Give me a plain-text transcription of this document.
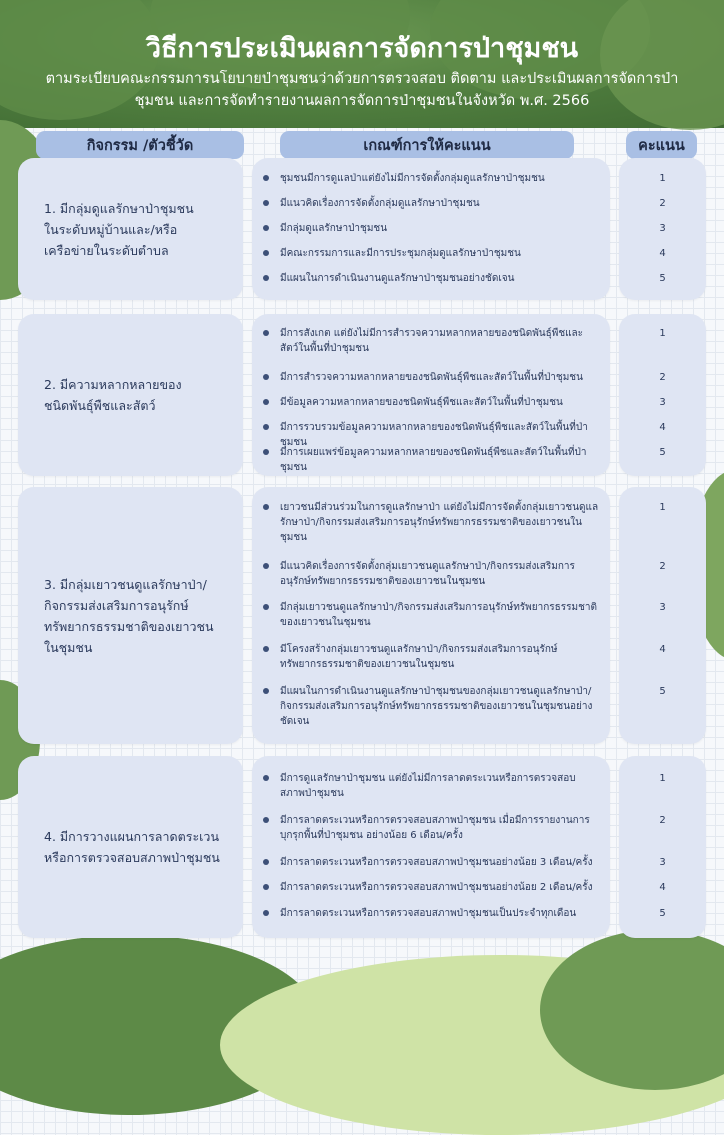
วิธีการประเมินผลการจัดการป่าชุมชน

ตามระเบียบคณะกรรมการนโยบายป่าชุมชนว่าด้วยการตรวจสอบ ติดตาม และประเมินผลการจัดการป่าชุมชน และการจัดทำรายงานผลการจัดการป่าชุมชนในจังหวัด พ.ศ. 2566

กิจกรรม /ตัวชี้วัด	เกณฑ์การให้คะแนน	คะแนน
1. มีกลุ่มดูแลรักษาป่าชุมชน
ในระดับหมู่บ้านและ/หรือ
เครือข่ายในระดับตำบล
ชุมชนมีการดูแลป่าแต่ยังไม่มีการจัดตั้งกลุ่มดูแลรักษาป่าชุมชน
มีแนวคิดเรื่องการจัดตั้งกลุ่มดูแลรักษาป่าชุมชน
มีกลุ่มดูแลรักษาป่าชุมชน
มีคณะกรรมการและมีการประชุมกลุ่มดูแลรักษาป่าชุมชน
มีแผนในการดำเนินงานดูแลรักษาป่าชุมชนอย่างชัดเจน
1
2
3
4
5
2. มีความหลากหลายของ
ชนิดพันธุ์พืชและสัตว์
มีการสังเกต แต่ยังไม่มีการสำรวจความหลากหลายของชนิดพันธุ์พืชและสัตว์ในพื้นที่ป่าชุมชน
มีการสำรวจความหลากหลายของชนิดพันธุ์พืชและสัตว์ในพื้นที่ป่าชุมชน
มีข้อมูลความหลากหลายของชนิดพันธุ์พืชและสัตว์ในพื้นที่ป่าชุมชน
มีการรวบรวมข้อมูลความหลากหลายของชนิดพันธุ์พืชและสัตว์ในพื้นที่ป่าชุมชน
มีการเผยแพร่ข้อมูลความหลากหลายของชนิดพันธุ์พืชและสัตว์ในพื้นที่ป่าชุมชน
1
2
3
4
5
3. มีกลุ่มเยาวชนดูแลรักษาป่า/
กิจกรรมส่งเสริมการอนุรักษ์
ทรัพยากรธรรมชาติของเยาวชน
ในชุมชน
เยาวชนมีส่วนร่วมในการดูแลรักษาป่า แต่ยังไม่มีการจัดตั้งกลุ่มเยาวชนดูแลรักษาป่า/กิจกรรมส่งเสริมการอนุรักษ์ทรัพยากรธรรมชาติของเยาวชนในชุมชน
มีแนวคิดเรื่องการจัดตั้งกลุ่มเยาวชนดูแลรักษาป่า/กิจกรรมส่งเสริมการอนุรักษ์ทรัพยากรธรรมชาติของเยาวชนในชุมชน
มีกลุ่มเยาวชนดูแลรักษาป่า/กิจกรรมส่งเสริมการอนุรักษ์ทรัพยากรธรรมชาติของเยาวชนในชุมชน
มีโครงสร้างกลุ่มเยาวชนดูแลรักษาป่า/กิจกรรมส่งเสริมการอนุรักษ์ทรัพยากรธรรมชาติของเยาวชนในชุมชน
มีแผนในการดำเนินงานดูแลรักษาป่าชุมชนของกลุ่มเยาวชนดูแลรักษาป่า/กิจกรรมส่งเสริมการอนุรักษ์ทรัพยากรธรรมชาติของเยาวชนในชุมชนอย่างชัดเจน
1
2
3
4
5
4. มีการวางแผนการลาดตระเวน
หรือการตรวจสอบสภาพป่าชุมชน
มีการดูแลรักษาป่าชุมชน แต่ยังไม่มีการลาดตระเวนหรือการตรวจสอบสภาพป่าชุมชน
มีการลาดตระเวนหรือการตรวจสอบสภาพป่าชุมชน เมื่อมีการรายงานการบุกรุกพื้นที่ป่าชุมชน อย่างน้อย 6 เดือน/ครั้ง
มีการลาดตระเวนหรือการตรวจสอบสภาพป่าชุมชนอย่างน้อย 3 เดือน/ครั้ง
มีการลาดตระเวนหรือการตรวจสอบสภาพป่าชุมชนอย่างน้อย 2 เดือน/ครั้ง
มีการลาดตระเวนหรือการตรวจสอบสภาพป่าชุมชนเป็นประจำทุกเดือน
1
2
3
4
5
